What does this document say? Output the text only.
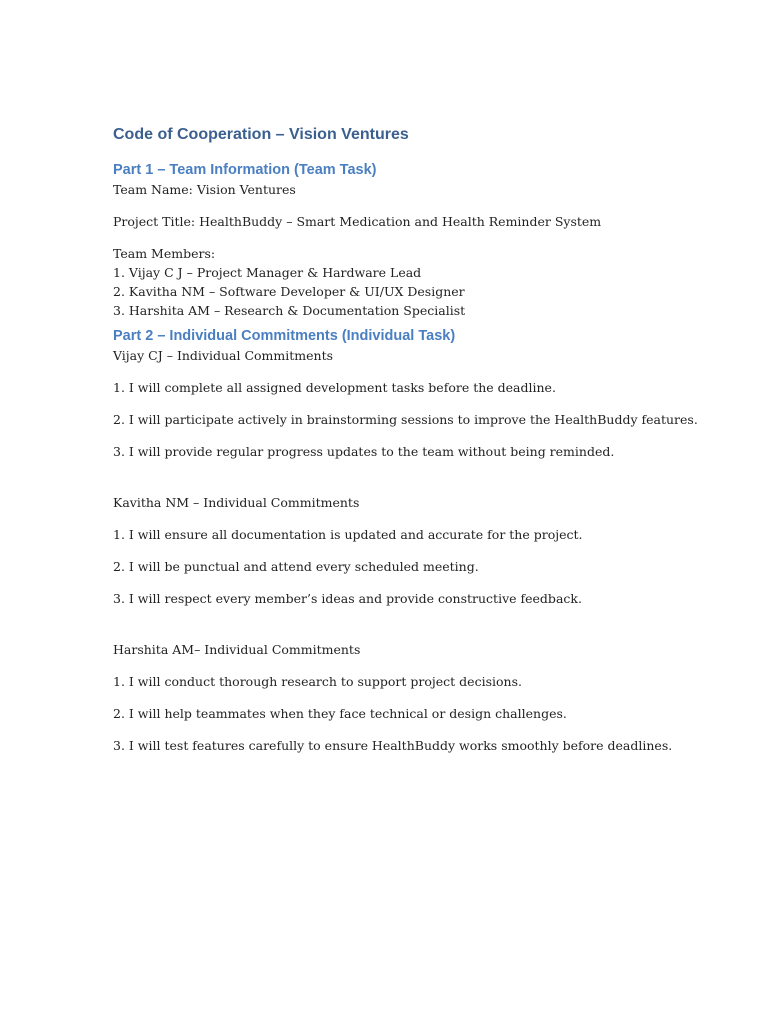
Code of Cooperation – Vision Ventures
Part 1 – Team Information (Team Task)
Team Name: Vision Ventures
Project Title: HealthBuddy – Smart Medication and Health Reminder System
Team Members:
1. Vijay C J – Project Manager & Hardware Lead
2. Kavitha NM – Software Developer & UI/UX Designer
3. Harshita AM – Research & Documentation Specialist
Part 2 – Individual Commitments (Individual Task)
Vijay CJ – Individual Commitments
1. I will complete all assigned development tasks before the deadline.
2. I will participate actively in brainstorming sessions to improve the HealthBuddy features.
3. I will provide regular progress updates to the team without being reminded.
Kavitha NM – Individual Commitments
1. I will ensure all documentation is updated and accurate for the project.
2. I will be punctual and attend every scheduled meeting.
3. I will respect every member’s ideas and provide constructive feedback.
Harshita AM– Individual Commitments
1. I will conduct thorough research to support project decisions.
2. I will help teammates when they face technical or design challenges.
3. I will test features carefully to ensure HealthBuddy works smoothly before deadlines.
